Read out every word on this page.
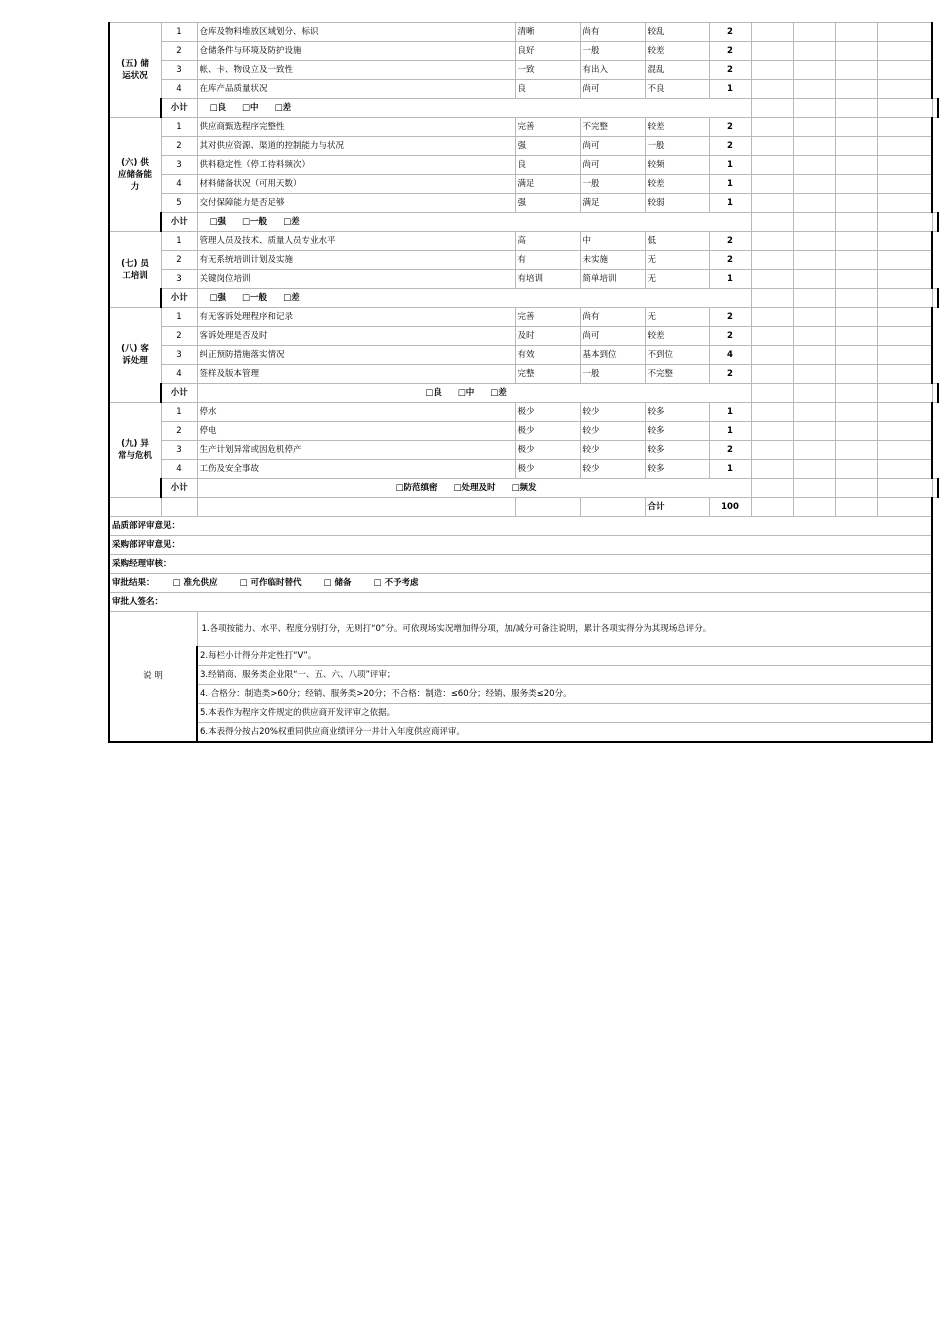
(五) 储运状况	1	仓库及物料堆放区域划分、标识	清晰	尚有	较乱	2					
	2	仓储条件与环境及防护设施	良好	一般	较差	2					
	3	帐、卡、物设立及一致性	一致	有出入	混乱	2					
	4	在库产品质量状况	良	尚可	不良	1					
	小计	□良 □中 □差									
(六) 供应储备能力	1	供应商甄选程序完整性	完善	不完整	较差	2					
	2	其对供应资源、渠道的控制能力与状况	强	尚可	一般	2					
	3	供料稳定性（停工待料频次）	良	尚可	较频	1					
	4	材料储备状况（可用天数）	满足	一般	较差	1					
	5	交付保障能力是否足够	强	满足	较弱	1					
	小计	□强 □一般 □差									
(七) 员工培训	1	管理人员及技术、质量人员专业水平	高	中	低	2					
	2	有无系统培训计划及实施	有	未实施	无	2					
	3	关键岗位培训	有培训	简单培训	无	1					
	小计	□强 □一般 □差									
(八) 客诉处理	1	有无客诉处理程序和记录	完善	尚有	无	2					
	2	客诉处理是否及时	及时	尚可	较差	2					
	3	纠正预防措施落实情况	有效	基本到位	不到位	4					
	4	签样及版本管理	完整	一般	不完整	2					
	小计	□良 □中 □差									
(九) 异常与危机	1	停水	极少	较少	较多	1					
	2	停电	极少	较少	较多	1					
	3	生产计划异常或因危机停产	极少	较少	较多	2					
	4	工伤及安全事故	极少	较少	较多	1					
	小计	□防范缜密 □处理及时 □频发									
					合计	100					
品质部评审意见：											
采购部评审意见：											
采购经理审核：											
审批结果： □ 准允供应 □ 可作临时替代 □ 储备 □ 不予考虑											
审批人签名：											
说 明		1.各项按能力、水平、程度分别打分，无则打“0”分。可依现场实况增加得分项，加/减分可备注说明，累计各项实得分为其现场总评分。									
		2.每栏小计得分并定性打“V”。									
		3.经销商、服务类企业限“一、五、六、八项”评审；									
		4. 合格分：制造类>60分；经销、服务类>20分；不合格：制造：≤60分；经销、服务类≤20分。									
		5.本表作为程序文件规定的供应商开发评审之依据。									
		6.本表得分按占20%权重同供应商业绩评分一并计入年度供应商评审。									
